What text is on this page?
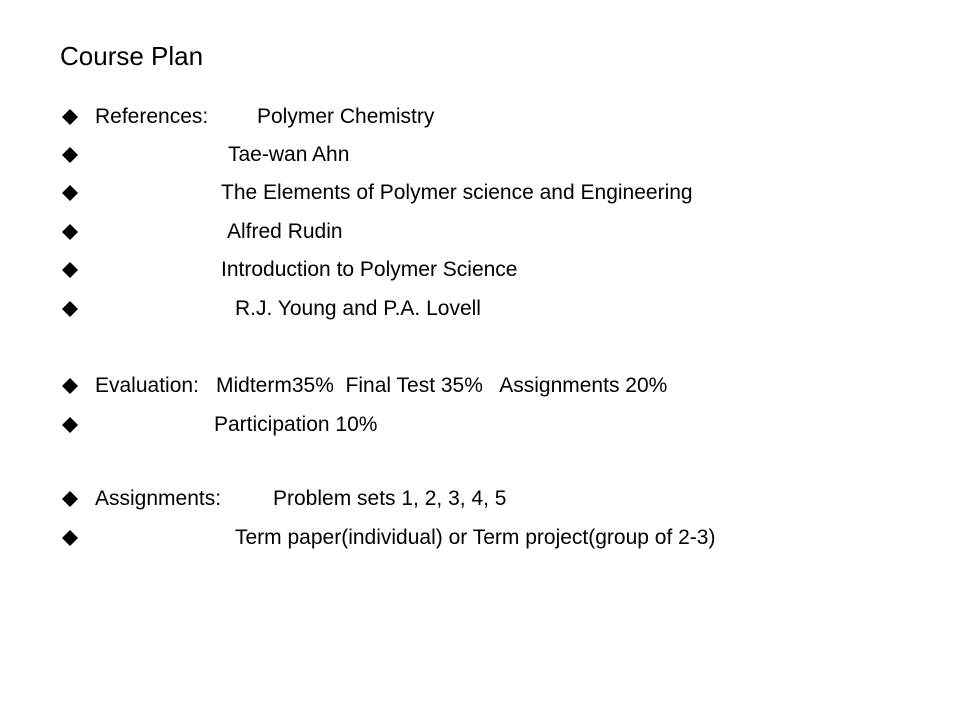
Course Plan
References: Polymer Chemistry
Tae-wan Ahn
The Elements of Polymer science and Engineering
Alfred Rudin
Introduction to Polymer Science
R.J. Young and P.A. Lovell
Evaluation: Midterm35%  Final Test 35%   Assignments 20%
Participation 10%
Assignments: Problem sets 1, 2, 3, 4, 5
Term paper(individual) or Term project(group of 2-3)
